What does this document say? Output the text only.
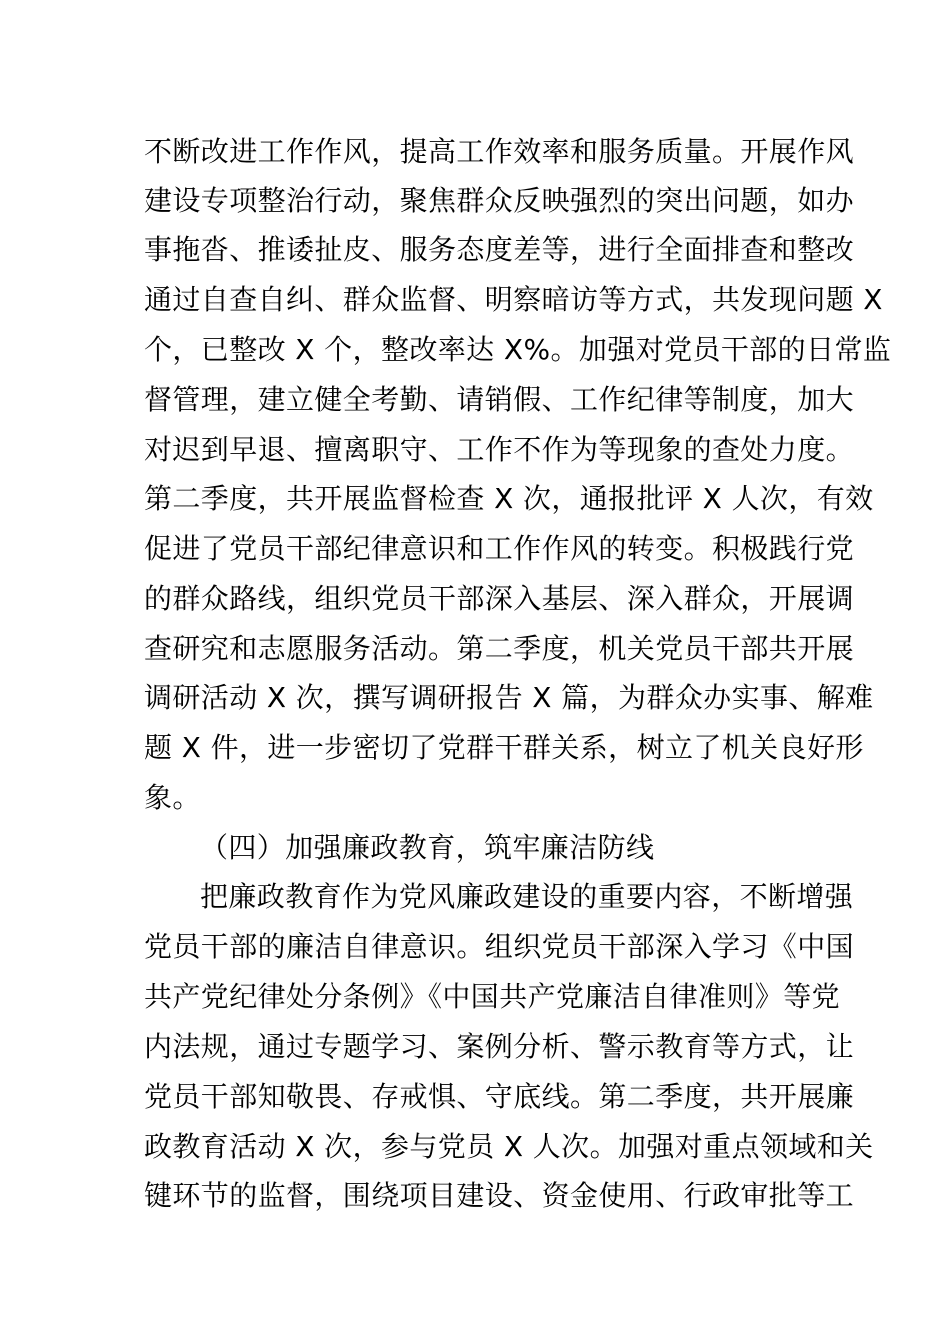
不断改进工作作风，提高工作效率和服务质量。开展作风
建设专项整治行动，聚焦群众反映强烈的突出问题，如办
事拖沓、推诿扯皮、服务态度差等，进行全面排查和整改
通过自查自纠、群众监督、明察暗访等方式，共发现问题 X
个，已整改 X 个，整改率达 X%。加强对党员干部的日常监
督管理，建立健全考勤、请销假、工作纪律等制度，加大
对迟到早退、擅离职守、工作不作为等现象的查处力度。
第二季度，共开展监督检查 X 次，通报批评 X 人次，有效
促进了党员干部纪律意识和工作作风的转变。积极践行党
的群众路线，组织党员干部深入基层、深入群众，开展调
查研究和志愿服务活动。第二季度，机关党员干部共开展
调研活动 X 次，撰写调研报告 X 篇，为群众办实事、解难
题 X 件，进一步密切了党群干群关系，树立了机关良好形
象。
（四）加强廉政教育，筑牢廉洁防线
把廉政教育作为党风廉政建设的重要内容，不断增强
党员干部的廉洁自律意识。组织党员干部深入学习《中国
共产党纪律处分条例》《中国共产党廉洁自律准则》等党
内法规，通过专题学习、案例分析、警示教育等方式，让
党员干部知敬畏、存戒惧、守底线。第二季度，共开展廉
政教育活动 X 次，参与党员 X 人次。加强对重点领域和关
键环节的监督，围绕项目建设、资金使用、行政审批等工
